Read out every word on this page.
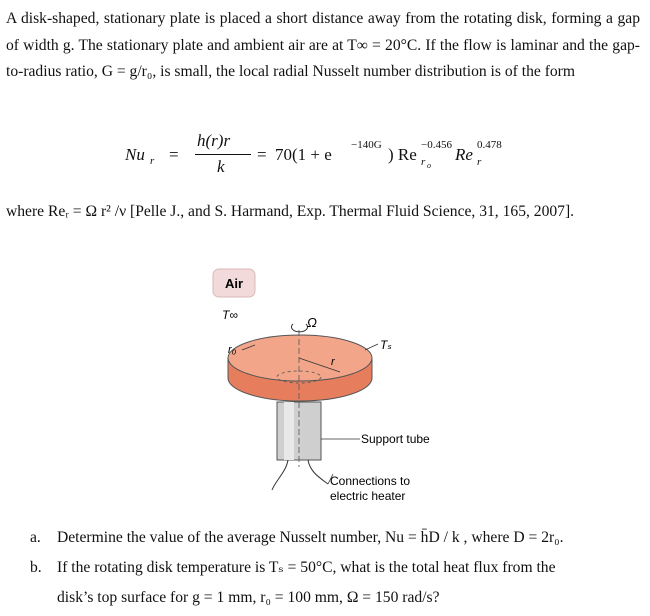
A disk-shaped, stationary plate is placed a short distance away from the rotating disk, forming a gap of width g. The stationary plate and ambient air are at T∞ = 20°C. If the flow is laminar and the gap-to-radius ratio, G = g/r₀, is small, the local radial Nusselt number distribution is of the form
Nu r =
h(r)r
k
= 70(1 + e −140G ) Re −0.456
r o
Re 0.478
r
where Reᵣ = Ω r² /ν [Pelle J., and S. Harmand, Exp. Thermal Fluid Science, 31, 165, 2007].
Air
T∞
r
Ω
r₀	Tₛ
Support tube
Connections to
electric heater
a. Determine the value of the average Nusselt number, Nu = h̄D / k , where D = 2r₀.
b. If the rotating disk temperature is Tₛ = 50°C, what is the total heat flux from the
disk’s top surface for g = 1 mm, r₀ = 100 mm, Ω = 150 rad/s?
